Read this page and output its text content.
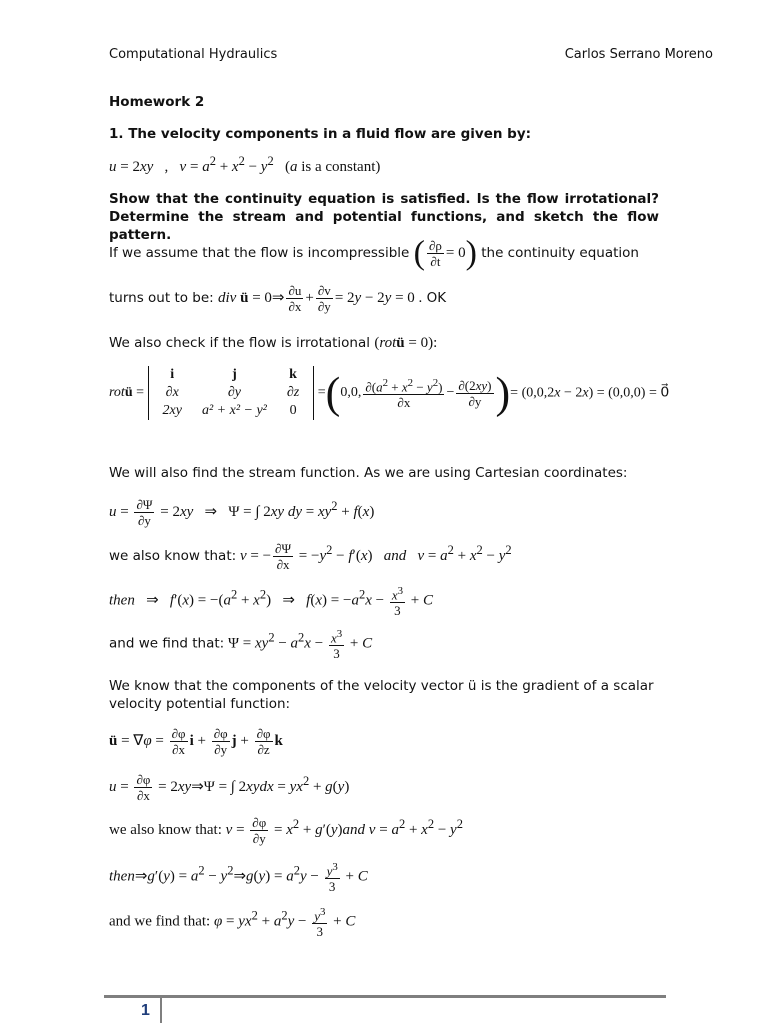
Computational Hydraulics	Carlos Serrano Moreno
Homework 2
1. The velocity components in a fluid flow are given by:
u = 2xy   ,   $v = a^2 + x^2 - y^2$   (a is a constant)
Show that the continuity equation is satisfied. Is the flow irrotational? Determine the stream and potential functions, and sketch the flow pattern.
If we assume that the flow is incompressible ( $\frac{\partial\rho}{\partial t} = 0$) the continuity equation
turns out to be: div ü = 0⇒ $\frac{\partial u}{\partial x} + \frac{\partial v}{\partial y} = 2y - 2y = 0$ . OK
We also check if the flow is irrotational (rotü = 0):
rotü =
i	j	k
∂x	∂y	∂z
2xy	a² + x² − y²	0
=(0,0, $\frac{\partial(a^2 + x^2 - y^2)}{\partial x} - \frac{\partial(2xy)}{\partial y}$ )= (0,0,2x − 2x) = (0,0,0) = 0⃗
We will also find the stream function. As we are using Cartesian coordinates:
$u = \frac{\partial\Psi}{\partial y} = 2xy$   ⇒   Ψ = ∫ 2xy dy = $xy^2 + f(x)$
we also know that: v = − $\frac{\partial\Psi}{\partial x} = -y^2 - f'(x)$   and $v = a^2 + x^2 - y^2$
then   ⇒   $f'(x) = -(a^2 + x^2)$   ⇒   $f(x) = -a^2x - \frac{x^3}{3} + C$
and we find that: $\Psi = xy^2 - a^2x - \frac{x^3}{3} + C$
We know that the components of the velocity vector ü is the gradient of a scalar velocity potential function:
ü = $\nabla\varphi = \frac{\partial\varphi}{\partial x}$ $i + \frac{\partial\varphi}{\partial y}$ $j + \frac{\partial\varphi}{\partial z}$ k
$u = \frac{\partial\varphi}{\partial x}$ = 2xy⇒Ψ = ∫ 2xydx = $yx^2 + g(y)$
we also know that: $v = \frac{\partial\varphi}{\partial y} = x^2 + g'(y)and$ $v = a^2 + x^2 - y^2$
then⇒g′(y) = $a^2$ − $y^2\Rightarrow g(y) = a^2y - \frac{y^3}{3} + C$
and we find that: $\varphi = yx^2 + a^2y - \frac{y^3}{3} + C$
1
